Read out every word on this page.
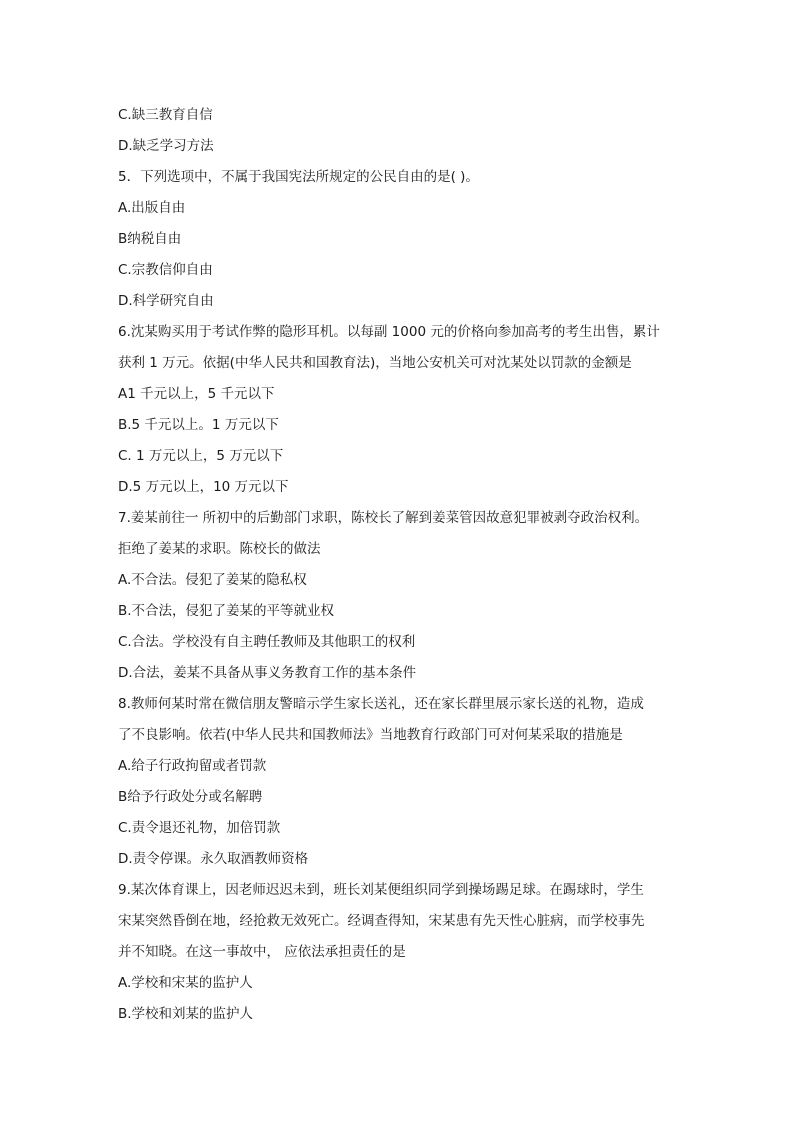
C.缺三教育自信
D.缺乏学习方法
5．下列选项中，不属于我国宪法所规定的公民自由的是( )。
A.出版自由
B纳税自由
C.宗教信仰自由
D.科学研究自由
6.沈某购买用于考试作弊的隐形耳机。以每副 1000 元的价格向参加高考的考生出售，累计
获利 1 万元。依据(中华人民共和国教育法)，当地公安机关可对沈某处以罚款的金额是
A1 千元以上，5 千元以下
B.5 千元以上。1 万元以下
C. 1 万元以上，5 万元以下
D.5 万元以上，10 万元以下
7.姜某前往一 所初中的后勤部门求职，陈校长了解到姜菜管因故意犯罪被剥夺政治权利。
拒绝了姜某的求职。陈校长的做法
A.不合法。侵犯了姜某的隐私权
B.不合法，侵犯了姜某的平等就业权
C.合法。学校没有自主聘任教师及其他职工的权利
D.合法，姜某不具备从事义务教育工作的基本条件
8.教师何某时常在微信朋友警暗示学生家长送礼，还在家长群里展示家长送的礼物，造成
了不良影响。依若(中华人民共和国教师法》当地教育行政部门可对何某采取的措施是
A.给子行政拘留或者罚款
B给予行政处分或名解聘
C.责令退还礼物，加倍罚款
D.责令停课。永久取酒教师资格
9.某次体育课上，因老师迟迟未到，班长刘某便组织同学到操场踢足球。在踢球时，学生
宋某突然昏倒在地，经抢救无效死亡。经调查得知，宋某患有先天性心脏病，而学校事先
并不知晓。在这一事故中， 应依法承担责任的是
A.学校和宋某的监护人
B.学校和刘某的监护人
